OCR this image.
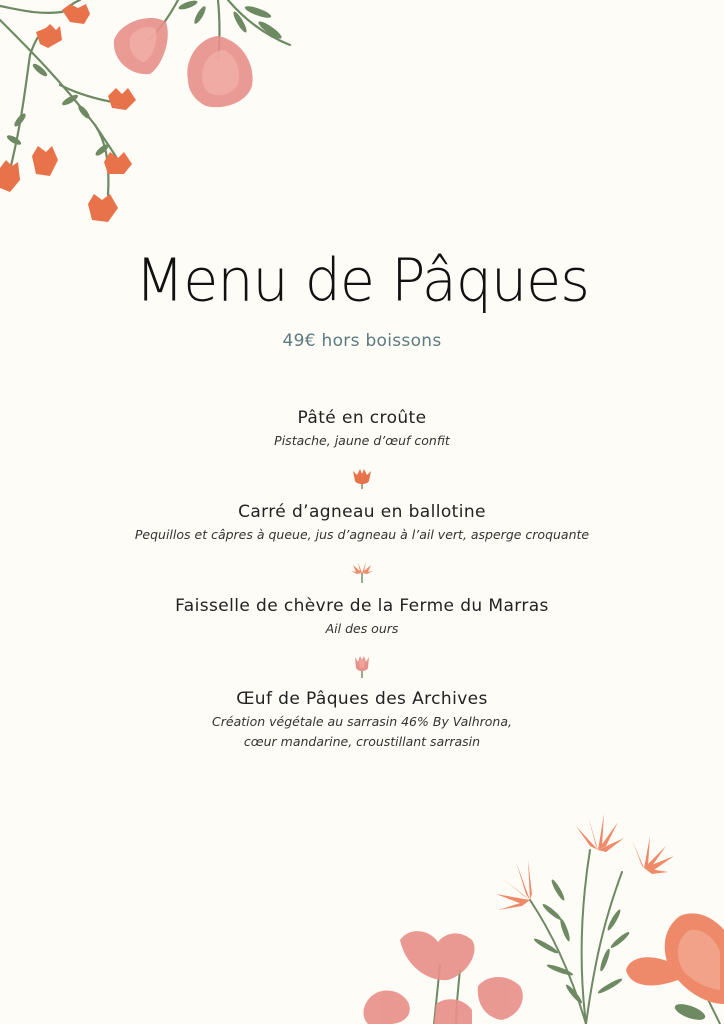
Menu de Pâques
49€ hors boissons
Pâté en croûte
Pistache, jaune d’œuf confit
Carré d’agneau en ballotine
Pequillos et câpres à queue, jus d’agneau à l’ail vert, asperge croquante
Faisselle de chèvre de la Ferme du Marras
Ail des ours
Œuf de Pâques des Archives
Création végétale au sarrasin 46% By Valhrona,
cœur mandarine, croustillant sarrasin
